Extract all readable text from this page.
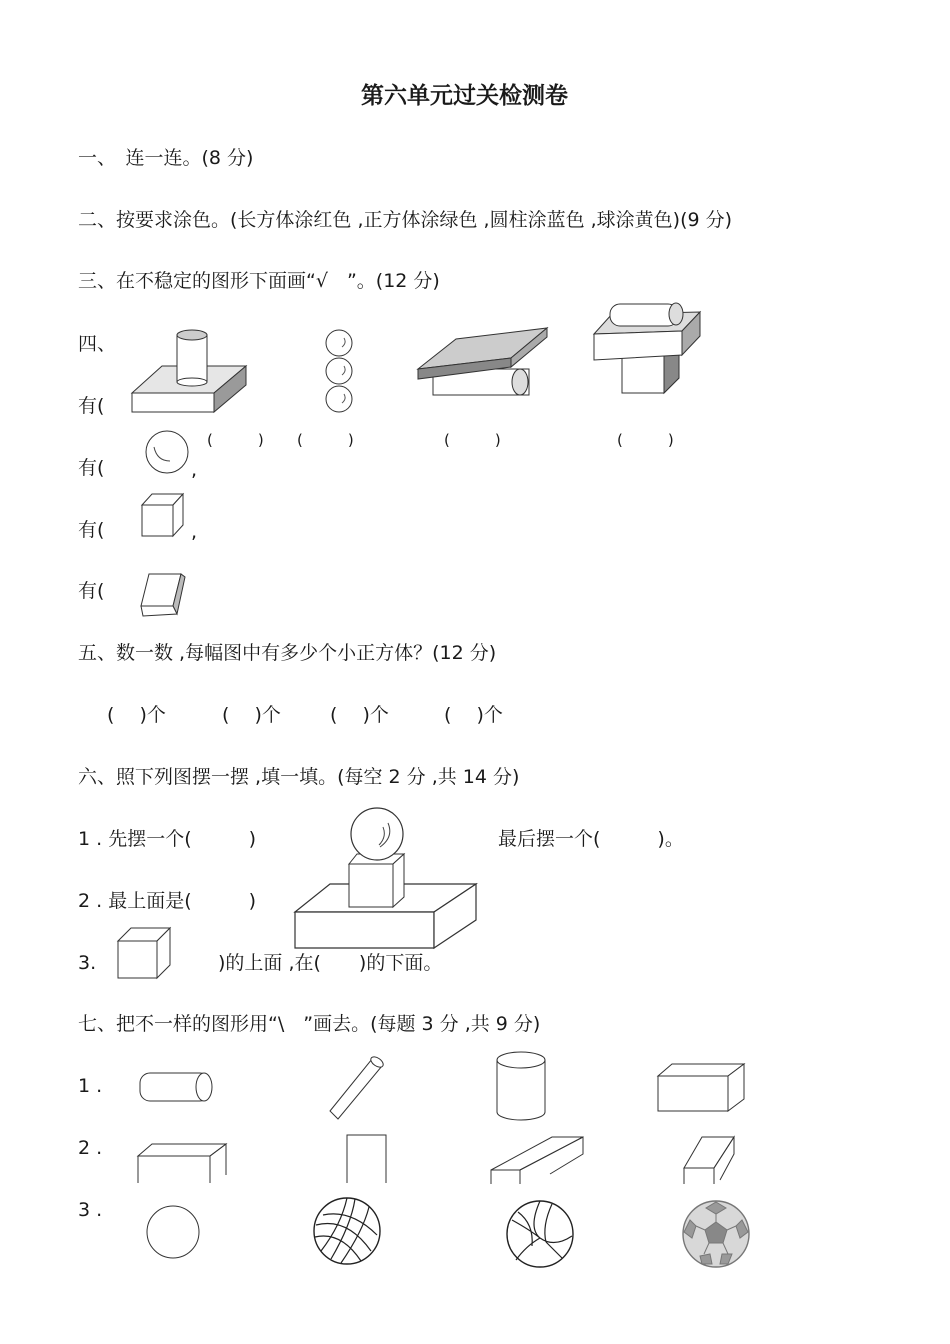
第六单元过关检测卷
一、　连一连。(8 分)
二、按要求涂色。(长方体涂红色 ,正方体涂绿色 ,圆柱涂蓝色 ,球涂黄色)(9 分)
三、在不稳定的图形下面画“√　”。(12 分)
(　　　) (　　　)	(　　　)	(　　　)
四、
有(
有(
有(
有(
,
,
五、数一数 ,每幅图中有多少个小正方体？(12 分)
(　 )个	(　 )个	(　 )个	(　 )个
六、照下列图摆一摆 ,填一填。(每空 2 分 ,共 14 分)
1 . 先摆一个(　　　)	最后摆一个(　　　)。
2 . 最上面是(　　　)
3.	)的上面 ,在(　　)的下面。
七、把不一样的图形用“\　”画去。(每题 3 分 ,共 9 分)
1 .
2 .
3 .
